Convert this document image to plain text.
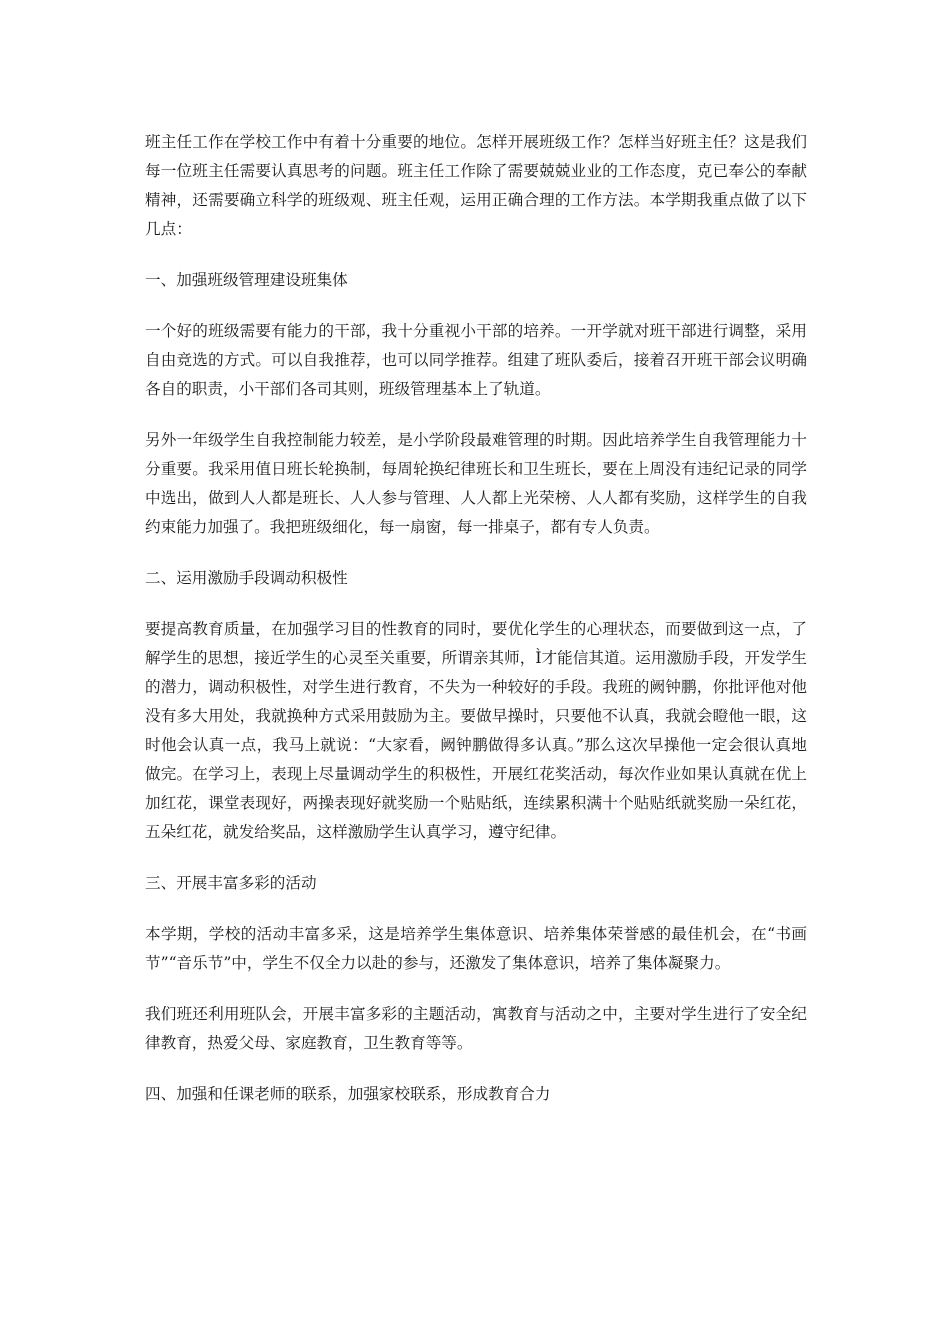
班主任工作在学校工作中有着十分重要的地位。怎样开展班级工作？怎样当好班主任？这是我们每一位班主任需要认真思考的问题。班主任工作除了需要兢兢业业的工作态度，克已奉公的奉献精神，还需要确立科学的班级观、班主任观，运用正确合理的工作方法。本学期我重点做了以下几点：

一、加强班级管理建设班集体

一个好的班级需要有能力的干部，我十分重视小干部的培养。一开学就对班干部进行调整，采用自由竞选的方式。可以自我推荐，也可以同学推荐。组建了班队委后，接着召开班干部会议明确各自的职责，小干部们各司其则，班级管理基本上了轨道。

另外一年级学生自我控制能力较差，是小学阶段最难管理的时期。因此培养学生自我管理能力十分重要。我采用值日班长轮换制，每周轮换纪律班长和卫生班长，要在上周没有违纪记录的同学中选出，做到人人都是班长、人人参与管理、人人都上光荣榜、人人都有奖励，这样学生的自我约束能力加强了。我把班级细化，每一扇窗，每一排桌子，都有专人负责。

二、运用激励手段调动积极性

要提高教育质量，在加强学习目的性教育的同时，要优化学生的心理状态，而要做到这一点，了解学生的思想，接近学生的心灵至关重要，所谓亲其师，Ì才能信其道。运用激励手段，开发学生的潜力，调动积极性，对学生进行教育，不失为一种较好的手段。我班的阙钟鹏，你批评他对他没有多大用处，我就换种方式采用鼓励为主。要做早操时，只要他不认真，我就会瞪他一眼，这时他会认真一点，我马上就说：“大家看，阙钟鹏做得多认真。”那么这次早操他一定会很认真地做完。在学习上，表现上尽量调动学生的积极性，开展红花奖活动，每次作业如果认真就在优上加红花，课堂表现好，两操表现好就奖励一个贴贴纸，连续累积满十个贴贴纸就奖励一朵红花，五朵红花，就发给奖品，这样激励学生认真学习，遵守纪律。

三、开展丰富多彩的活动

本学期，学校的活动丰富多采，这是培养学生集体意识、培养集体荣誉感的最佳机会，在“书画节”“音乐节”中，学生不仅全力以赴的参与，还激发了集体意识，培养了集体凝聚力。

我们班还利用班队会，开展丰富多彩的主题活动，寓教育与活动之中，主要对学生进行了安全纪律教育，热爱父母、家庭教育，卫生教育等等。

四、加强和任课老师的联系，加强家校联系，形成教育合力
